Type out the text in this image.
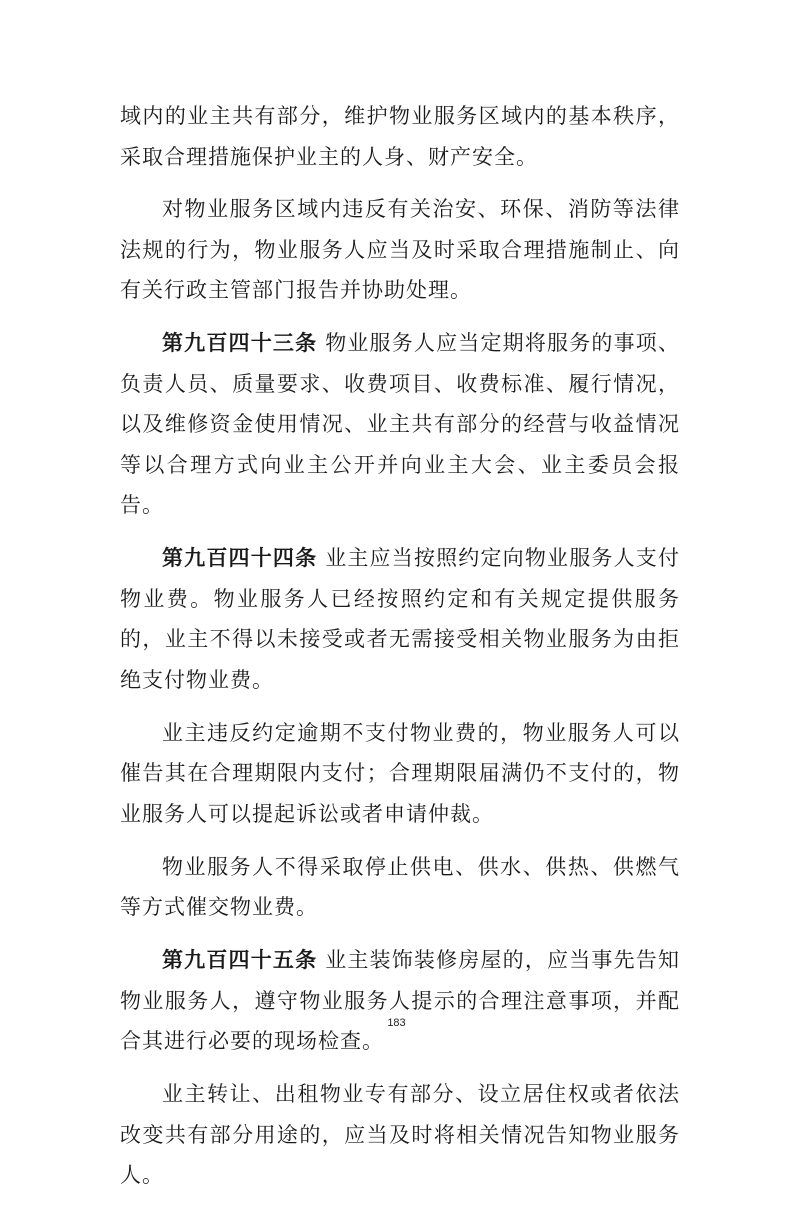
域内的业主共有部分，维护物业服务区域内的基本秩序，采取合理措施保护业主的人身、财产安全。

对物业服务区域内违反有关治安、环保、消防等法律法规的行为，物业服务人应当及时采取合理措施制止、向有关行政主管部门报告并协助处理。

第九百四十三条 物业服务人应当定期将服务的事项、负责人员、质量要求、收费项目、收费标准、履行情况，以及维修资金使用情况、业主共有部分的经营与收益情况等以合理方式向业主公开并向业主大会、业主委员会报告。

第九百四十四条 业主应当按照约定向物业服务人支付物业费。物业服务人已经按照约定和有关规定提供服务的，业主不得以未接受或者无需接受相关物业服务为由拒绝支付物业费。

业主违反约定逾期不支付物业费的，物业服务人可以催告其在合理期限内支付；合理期限届满仍不支付的，物业服务人可以提起诉讼或者申请仲裁。

物业服务人不得采取停止供电、供水、供热、供燃气等方式催交物业费。

第九百四十五条 业主装饰装修房屋的，应当事先告知物业服务人，遵守物业服务人提示的合理注意事项，并配合其进行必要的现场检查。

业主转让、出租物业专有部分、设立居住权或者依法改变共有部分用途的，应当及时将相关情况告知物业服务人。

183
